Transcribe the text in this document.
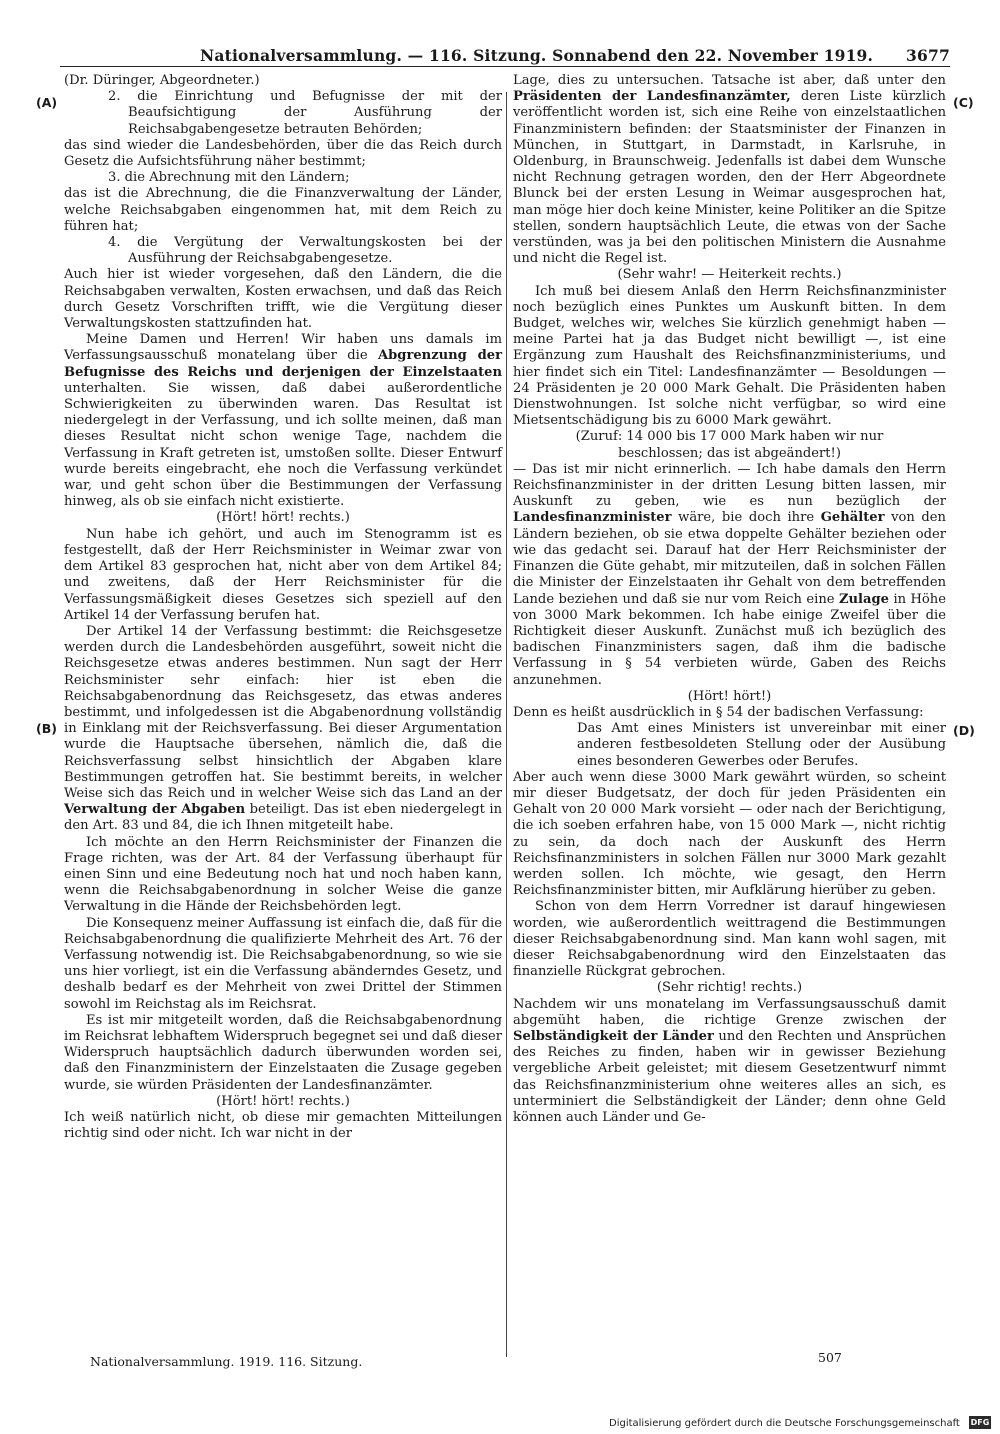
Nationalversammlung. — 116. Sitzung. Sonnabend den 22. November 1919. 3677
(A)
(B)
(C)
(D)

(Dr. Düringer, Abgeordneter.)

2. die Einrichtung und Befugnisse der mit der Beaufsichtigung der Ausführung der Reichsabgabengesetze betrauten Behörden;

das sind wieder die Landesbehörden, über die das Reich durch Gesetz die Aufsichtsführung näher bestimmt;

3. die Abrechnung mit den Ländern;

das ist die Abrechnung, die die Finanzverwaltung der Länder, welche Reichsabgaben eingenommen hat, mit dem Reich zu führen hat;

4. die Vergütung der Verwaltungskosten bei der Ausführung der Reichsabgabengesetze.

Auch hier ist wieder vorgesehen, daß den Ländern, die die Reichsabgaben verwalten, Kosten erwachsen, und daß das Reich durch Gesetz Vorschriften trifft, wie die Vergütung dieser Verwaltungskosten stattzufinden hat.

Meine Damen und Herren! Wir haben uns damals im Verfassungsausschuß monatelang über die Abgrenzung der Befugnisse des Reichs und derjenigen der Einzelstaaten unterhalten. Sie wissen, daß dabei außerordentliche Schwierigkeiten zu überwinden waren. Das Resultat ist niedergelegt in der Verfassung, und ich sollte meinen, daß man dieses Resultat nicht schon wenige Tage, nachdem die Verfassung in Kraft getreten ist, umstoßen sollte. Dieser Entwurf wurde bereits eingebracht, ehe noch die Verfassung verkündet war, und geht schon über die Bestimmungen der Verfassung hinweg, als ob sie einfach nicht existierte.

(Hört! hört! rechts.)

Nun habe ich gehört, und auch im Stenogramm ist es festgestellt, daß der Herr Reichsminister in Weimar zwar von dem Artikel 83 gesprochen hat, nicht aber von dem Artikel 84; und zweitens, daß der Herr Reichsminister für die Verfassungsmäßigkeit dieses Gesetzes sich speziell auf den Artikel 14 der Verfassung berufen hat.

Der Artikel 14 der Verfassung bestimmt: die Reichsgesetze werden durch die Landesbehörden ausgeführt, soweit nicht die Reichsgesetze etwas anderes bestimmen. Nun sagt der Herr Reichsminister sehr einfach: hier ist eben die Reichsabgabenordnung das Reichsgesetz, das etwas anderes bestimmt, und infolgedessen ist die Abgabenordnung vollständig in Einklang mit der Reichsverfassung. Bei dieser Argumentation wurde die Hauptsache übersehen, nämlich die, daß die Reichsverfassung selbst hinsichtlich der Abgaben klare Bestimmungen getroffen hat. Sie bestimmt bereits, in welcher Weise sich das Reich und in welcher Weise sich das Land an der Verwaltung der Abgaben beteiligt. Das ist eben niedergelegt in den Art. 83 und 84, die ich Ihnen mitgeteilt habe.

Ich möchte an den Herrn Reichsminister der Finanzen die Frage richten, was der Art. 84 der Verfassung überhaupt für einen Sinn und eine Bedeutung noch hat und noch haben kann, wenn die Reichsabgabenordnung in solcher Weise die ganze Verwaltung in die Hände der Reichsbehörden legt.

Die Konsequenz meiner Auffassung ist einfach die, daß für die Reichsabgabenordnung die qualifizierte Mehrheit des Art. 76 der Verfassung notwendig ist. Die Reichsabgabenordnung, so wie sie uns hier vorliegt, ist ein die Verfassung abänderndes Gesetz, und deshalb bedarf es der Mehrheit von zwei Drittel der Stimmen sowohl im Reichstag als im Reichsrat.

Es ist mir mitgeteilt worden, daß die Reichsabgabenordnung im Reichsrat lebhaftem Widerspruch begegnet sei und daß dieser Widerspruch hauptsächlich dadurch überwunden worden sei, daß den Finanzministern der Einzelstaaten die Zusage gegeben wurde, sie würden Präsidenten der Landesfinanzämter.

(Hört! hört! rechts.)

Ich weiß natürlich nicht, ob diese mir gemachten Mitteilungen richtig sind oder nicht. Ich war nicht in der

Lage, dies zu untersuchen. Tatsache ist aber, daß unter den Präsidenten der Landesfinanzämter, deren Liste kürzlich veröffentlicht worden ist, sich eine Reihe von einzelstaatlichen Finanzministern befinden: der Staatsminister der Finanzen in München, in Stuttgart, in Darmstadt, in Karlsruhe, in Oldenburg, in Braunschweig. Jedenfalls ist dabei dem Wunsche nicht Rechnung getragen worden, den der Herr Abgeordnete Blunck bei der ersten Lesung in Weimar ausgesprochen hat, man möge hier doch keine Minister, keine Politiker an die Spitze stellen, sondern hauptsächlich Leute, die etwas von der Sache verstünden, was ja bei den politischen Ministern die Ausnahme und nicht die Regel ist.

(Sehr wahr! — Heiterkeit rechts.)

Ich muß bei diesem Anlaß den Herrn Reichsfinanzminister noch bezüglich eines Punktes um Auskunft bitten. In dem Budget, welches wir, welches Sie kürzlich genehmigt haben — meine Partei hat ja das Budget nicht bewilligt —, ist eine Ergänzung zum Haushalt des Reichsfinanzministeriums, und hier findet sich ein Titel: Landesfinanzämter — Besoldungen — 24 Präsidenten je 20 000 Mark Gehalt. Die Präsidenten haben Dienstwohnungen. Ist solche nicht verfügbar, so wird eine Mietsentschädigung bis zu 6000 Mark gewährt.

(Zuruf: 14 000 bis 17 000 Mark haben wir nur beschlossen; das ist abgeändert!)

— Das ist mir nicht erinnerlich. — Ich habe damals den Herrn Reichsfinanzminister in der dritten Lesung bitten lassen, mir Auskunft zu geben, wie es nun bezüglich der Landesfinanzminister wäre, bie doch ihre Gehälter von den Ländern beziehen, ob sie etwa doppelte Gehälter beziehen oder wie das gedacht sei. Darauf hat der Herr Reichsminister der Finanzen die Güte gehabt, mir mitzuteilen, daß in solchen Fällen die Minister der Einzelstaaten ihr Gehalt von dem betreffenden Lande beziehen und daß sie nur vom Reich eine Zulage in Höhe von 3000 Mark bekommen. Ich habe einige Zweifel über die Richtigkeit dieser Auskunft. Zunächst muß ich bezüglich des badischen Finanzministers sagen, daß ihm die badische Verfassung in § 54 verbieten würde, Gaben des Reichs anzunehmen.

(Hört! hört!)

Denn es heißt ausdrücklich in § 54 der badischen Verfassung:

Das Amt eines Ministers ist unvereinbar mit einer anderen festbesoldeten Stellung oder der Ausübung eines besonderen Gewerbes oder Berufes.

Aber auch wenn diese 3000 Mark gewährt würden, so scheint mir dieser Budgetsatz, der doch für jeden Präsidenten ein Gehalt von 20 000 Mark vorsieht — oder nach der Berichtigung, die ich soeben erfahren habe, von 15 000 Mark —, nicht richtig zu sein, da doch nach der Auskunft des Herrn Reichsfinanzministers in solchen Fällen nur 3000 Mark gezahlt werden sollen. Ich möchte, wie gesagt, den Herrn Reichsfinanzminister bitten, mir Aufklärung hierüber zu geben.

Schon von dem Herrn Vorredner ist darauf hingewiesen worden, wie außerordentlich weittragend die Bestimmungen dieser Reichsabgabenordnung sind. Man kann wohl sagen, mit dieser Reichsabgabenordnung wird den Einzelstaaten das finanzielle Rückgrat gebrochen.

(Sehr richtig! rechts.)

Nachdem wir uns monatelang im Verfassungsausschuß damit abgemüht haben, die richtige Grenze zwischen der Selbständigkeit der Länder und den Rechten und Ansprüchen des Reiches zu finden, haben wir in gewisser Beziehung vergebliche Arbeit geleistet; mit diesem Gesetzentwurf nimmt das Reichsfinanzministerium ohne weiteres alles an sich, es unterminiert die Selbständigkeit der Länder; denn ohne Geld können auch Länder und Ge-

Nationalversammlung. 1919. 116. Sitzung.	507
Digitalisierung gefördert durch die Deutsche Forschungsgemeinschaft DFG
